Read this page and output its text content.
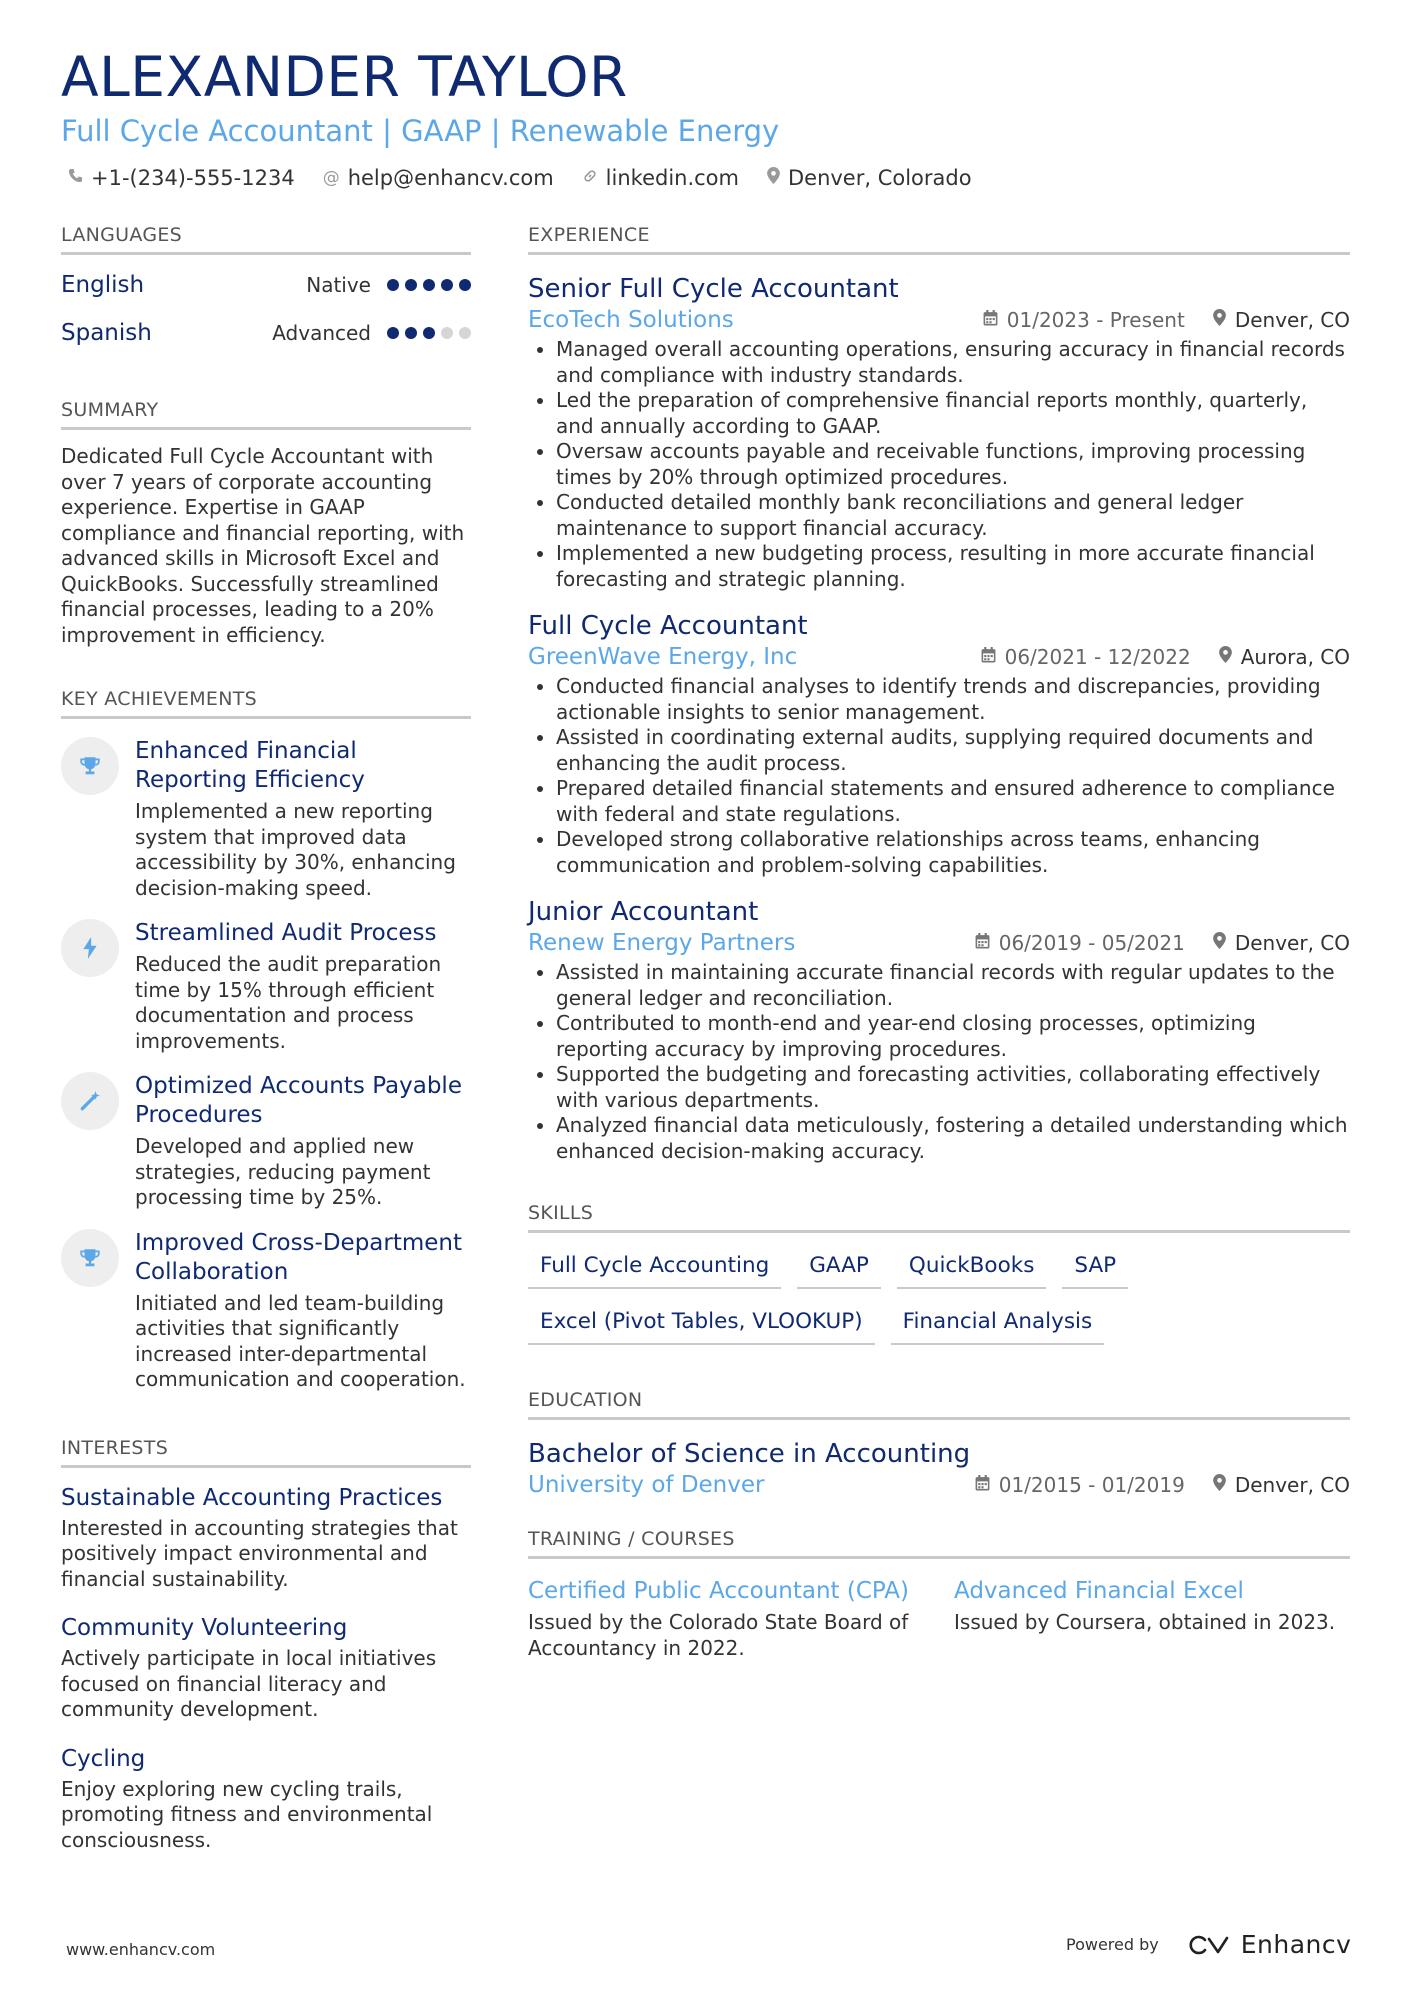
ALEXANDER TAYLOR
Full Cycle Accountant | GAAP | Renewable Energy
+1-(234)-555-1234 @ help@enhancv.com linkedin.com Denver, Colorado
LANGUAGES
English	Native
Spanish	Advanced
SUMMARY
Dedicated Full Cycle Accountant with over 7 years of corporate accounting experience. Expertise in GAAP compliance and financial reporting, with advanced skills in Microsoft Excel and QuickBooks. Successfully streamlined financial processes, leading to a 20% improvement in efficiency.
KEY ACHIEVEMENTS
Enhanced Financial Reporting Efficiency
Implemented a new reporting system that improved data accessibility by 30%, enhancing decision-making speed.
Streamlined Audit Process
Reduced the audit preparation time by 15% through efficient documentation and process improvements.
Optimized Accounts Payable Procedures
Developed and applied new strategies, reducing payment processing time by 25%.
Improved Cross-Department Collaboration
Initiated and led team-building activities that significantly increased inter-departmental communication and cooperation.
INTERESTS
Sustainable Accounting Practices
Interested in accounting strategies that positively impact environmental and financial sustainability.
Community Volunteering
Actively participate in local initiatives focused on financial literacy and community development.
Cycling
Enjoy exploring new cycling trails, promoting fitness and environmental consciousness.
EXPERIENCE
Senior Full Cycle Accountant
EcoTech Solutions	01/2023 - Present	Denver, CO
• Managed overall accounting operations, ensuring accuracy in financial records and compliance with industry standards.
• Led the preparation of comprehensive financial reports monthly, quarterly, and annually according to GAAP.
• Oversaw accounts payable and receivable functions, improving processing times by 20% through optimized procedures.
• Conducted detailed monthly bank reconciliations and general ledger maintenance to support financial accuracy.
• Implemented a new budgeting process, resulting in more accurate financial forecasting and strategic planning.
Full Cycle Accountant
GreenWave Energy, Inc	06/2021 - 12/2022	Aurora, CO
• Conducted financial analyses to identify trends and discrepancies, providing actionable insights to senior management.
• Assisted in coordinating external audits, supplying required documents and enhancing the audit process.
• Prepared detailed financial statements and ensured adherence to compliance with federal and state regulations.
• Developed strong collaborative relationships across teams, enhancing communication and problem-solving capabilities.
Junior Accountant
Renew Energy Partners	06/2019 - 05/2021	Denver, CO
• Assisted in maintaining accurate financial records with regular updates to the general ledger and reconciliation.
• Contributed to month-end and year-end closing processes, optimizing reporting accuracy by improving procedures.
• Supported the budgeting and forecasting activities, collaborating effectively with various departments.
• Analyzed financial data meticulously, fostering a detailed understanding which enhanced decision-making accuracy.
SKILLS
Full Cycle Accounting	GAAP	QuickBooks	SAP
Excel (Pivot Tables, VLOOKUP)	Financial Analysis
EDUCATION
Bachelor of Science in Accounting
University of Denver	01/2015 - 01/2019	Denver, CO
TRAINING / COURSES
Certified Public Accountant (CPA)
Issued by the Colorado State Board of Accountancy in 2022.
Advanced Financial Excel
Issued by Coursera, obtained in 2023.
www.enhancv.com	Powered by	Enhancv
